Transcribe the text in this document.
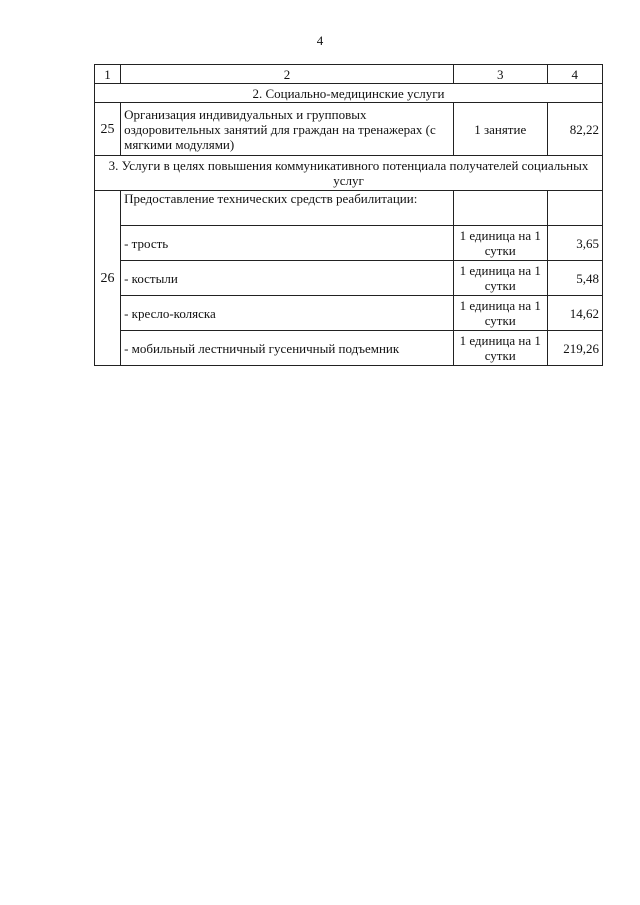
4
1	2	3	4
2. Социально-медицинские услуги			
25	Организация индивидуальных и групповых оздоровительных занятий для граждан на тренажерах (с мягкими модулями)	1 занятие	82,22
3. Услуги в целях повышения коммуникативного потенциала получателей социальных услуг			
26	Предоставление технических средств реабилитации:		
	- трость	1 единица на 1 сутки	3,65
	- костыли	1 единица на 1 сутки	5,48
	- кресло-коляска	1 единица на 1 сутки	14,62
	- мобильный лестничный гусеничный подъемник	1 единица на 1 сутки	219,26
